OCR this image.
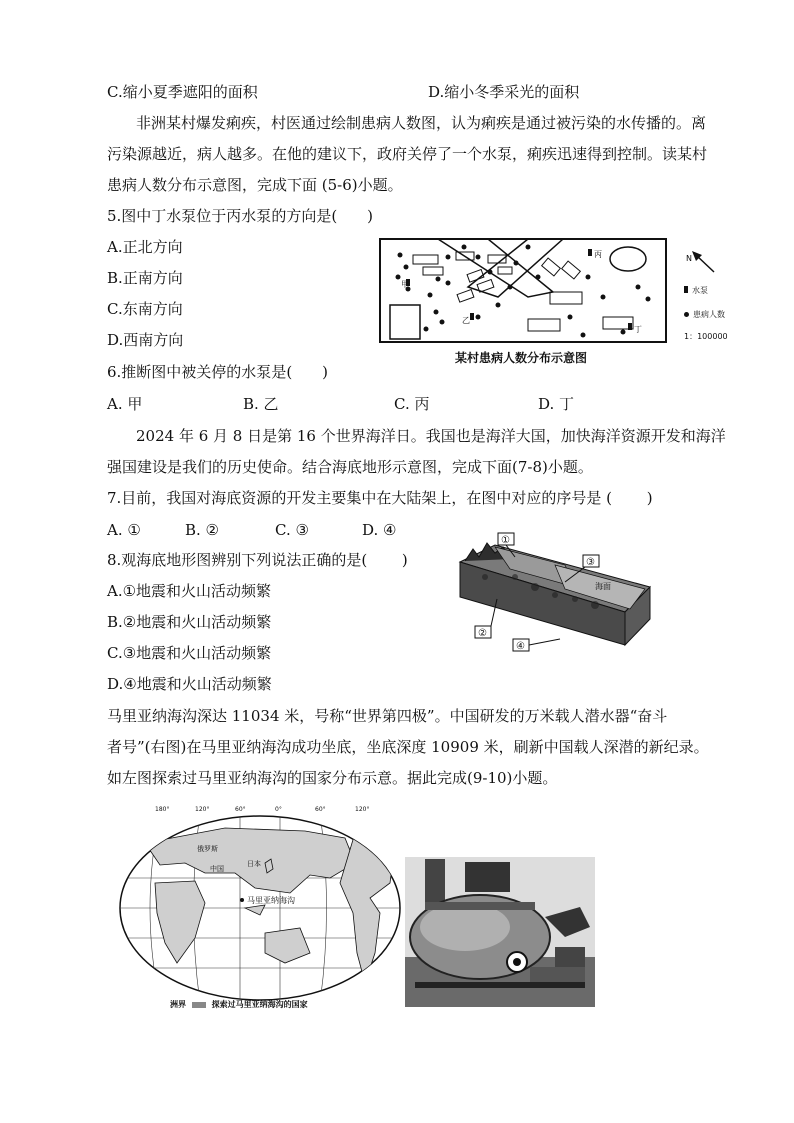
C.缩小夏季遮阳的面积	D.缩小冬季采光的面积
非洲某村爆发痢疾，村医通过绘制患病人数图，认为痢疾是通过被污染的水传播的。离
污染源越近，病人越多。在他的建议下，政府关停了一个水泵，痢疾迅速得到控制。读某村
患病人数分布示意图，完成下面 (5-6)小题。
5.图中丁水泵位于丙水泵的方向是(　　)
A.正北方向
B.正南方向
C.东南方向
D.西南方向
甲
乙
丙
丁
N
水泵
患病人数
1：100000
某村患病人数分布示意图
6.推断图中被关停的水泵是(　　)
A. 甲	B. 乙	C. 丙	D. 丁
2024 年 6 月 8 日是第 16 个世界海洋日。我国也是海洋大国，加快海洋资源开发和海洋
强国建设是我们的历史使命。结合海底地形示意图，完成下面(7-8)小题。
7.目前，我国对海底资源的开发主要集中在大陆架上，在图中对应的序号是 (　　 )
A. ①	B. ②	C. ③	D. ④
8.观海底地形图辨别下列说法正确的是(　　 )
A.①地震和火山活动频繁
B.②地震和火山活动频繁
C.③地震和火山活动频繁
D.④地震和火山活动频繁
①
③
海面
②
④
马里亚纳海沟深达 11034 米，号称“世界第四极”。中国研发的万米载人潜水器“奋斗
者号”(右图)在马里亚纳海沟成功坐底，坐底深度 10909 米，刷新中国载人深潜的新纪录。
如左图探索过马里亚纳海沟的国家分布示意。据此完成(9-10)小题。
俄罗斯
中国
日本
马里亚纳海沟
180°	120°	60°	0°	60°	120°
洲界	探索过马里亚纳海沟的国家
